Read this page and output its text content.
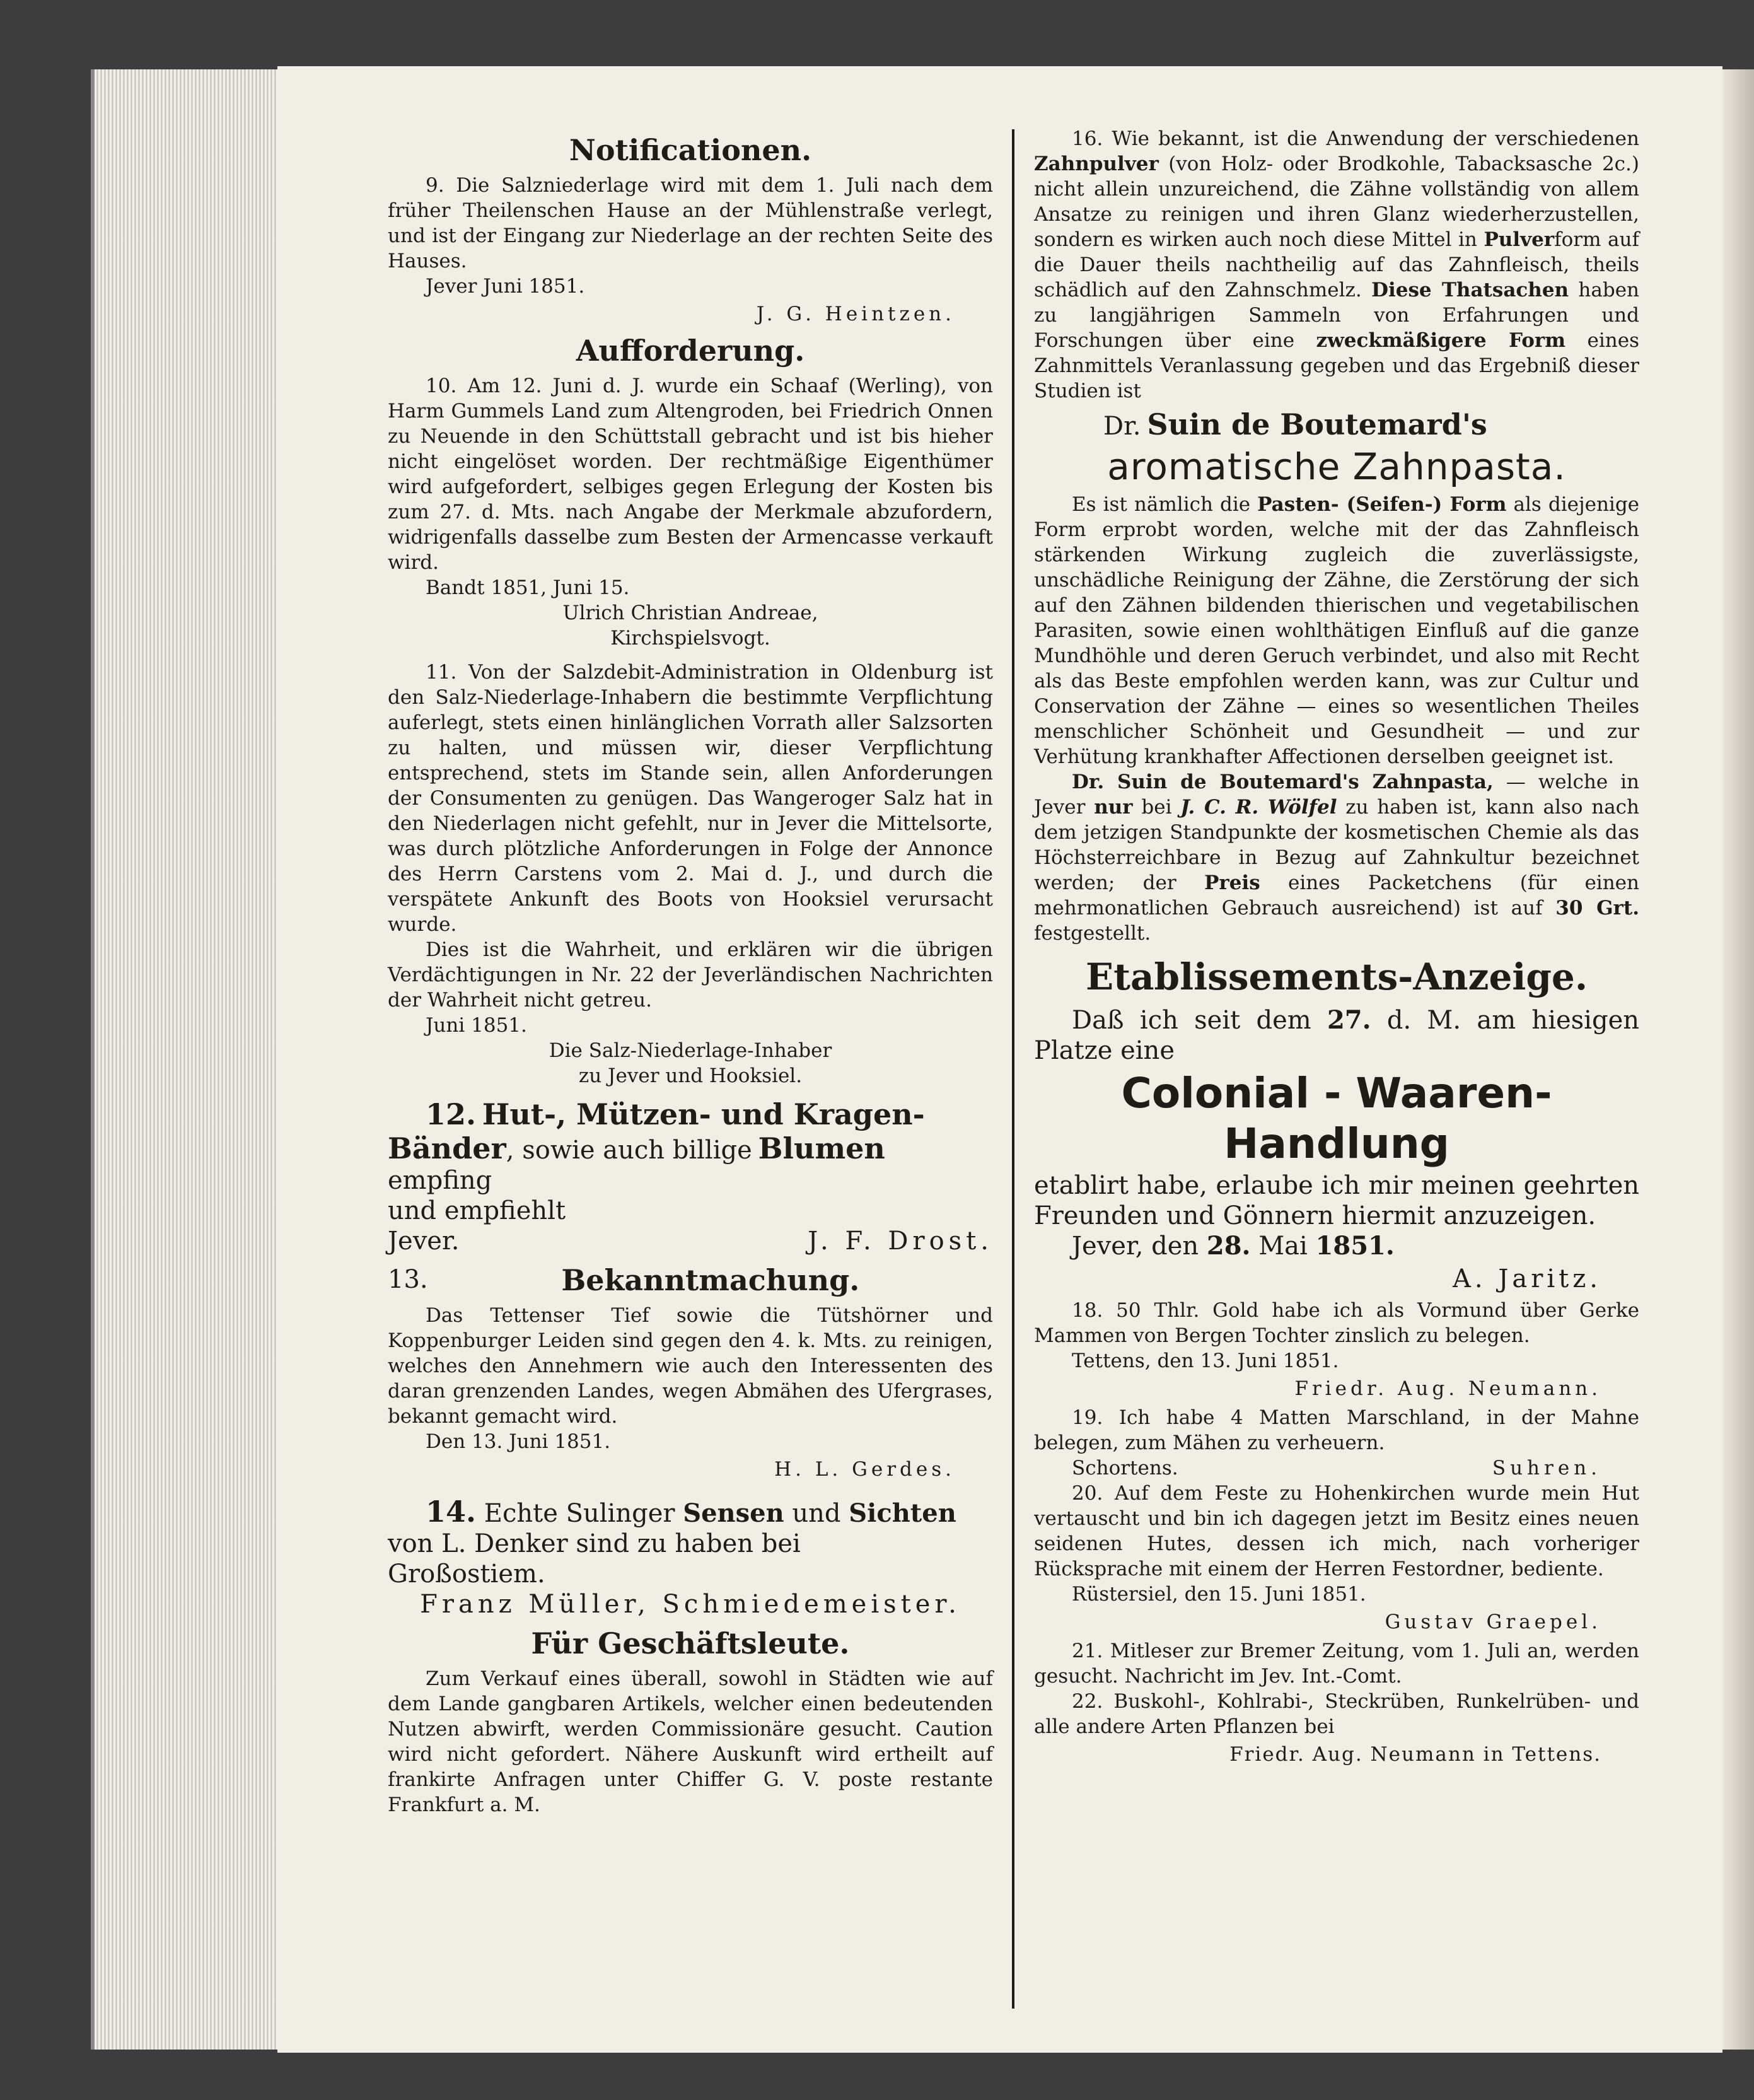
Notificationen.

9. Die Salzniederlage wird mit dem 1. Juli nach dem früher Theilenschen Hause an der Mühlenstraße verlegt, und ist der Eingang zur Niederlage an der rechten Seite des Hauses.

Jever Juni 1851.

J. G. Heintzen.

Aufforderung.

10. Am 12. Juni d. J. wurde ein Schaaf (Werling), von Harm Gummels Land zum Altengroden, bei Friedrich Onnen zu Neuende in den Schüttstall gebracht und ist bis hieher nicht eingelöset worden. Der rechtmäßige Eigenthümer wird aufgefordert, selbiges gegen Erlegung der Kosten bis zum 27. d. Mts. nach Angabe der Merkmale abzufordern, widrigenfalls dasselbe zum Besten der Armencasse verkauft wird.

Bandt 1851, Juni 15.

Ulrich Christian Andreae,

Kirchspielsvogt.

11. Von der Salzdebit-Administration in Oldenburg ist den Salz-Niederlage-Inhabern die bestimmte Verpflichtung auferlegt, stets einen hinlänglichen Vorrath aller Salzsorten zu halten, und müssen wir, dieser Verpflichtung entsprechend, stets im Stande sein, allen Anforderungen der Consumenten zu genügen. Das Wangeroger Salz hat in den Niederlagen nicht gefehlt, nur in Jever die Mittelsorte, was durch plötzliche Anforderungen in Folge der Annonce des Herrn Carstens vom 2. Mai d. J., und durch die verspätete Ankunft des Boots von Hooksiel verursacht wurde.

Dies ist die Wahrheit, und erklären wir die übrigen Verdächtigungen in Nr. 22 der Jeverländischen Nachrichten der Wahrheit nicht getreu.

Juni 1851.

Die Salz-Niederlage-Inhaber

zu Jever und Hooksiel.

12. Hut-, Mützen- und Kragen-
Bänder, sowie auch billige Blumen empfing
und empfiehlt

Jever.	J. F. Drost.
13.	Bekanntmachung.

Das Tettenser Tief sowie die Tütshörner und Koppenburger Leiden sind gegen den 4. k. Mts. zu reinigen, welches den Annehmern wie auch den Interessenten des daran grenzenden Landes, wegen Abmähen des Ufergrases, bekannt gemacht wird.

Den 13. Juni 1851.

H. L. Gerdes.

14. Echte Sulinger Sensen und Sichten
von L. Denker sind zu haben bei
Großostiem.

Franz Müller, Schmiedemeister.

Für Geschäftsleute.

Zum Verkauf eines überall, sowohl in Städten wie auf dem Lande gangbaren Artikels, welcher einen bedeutenden Nutzen abwirft, werden Commissionäre gesucht. Caution wird nicht gefordert. Nähere Auskunft wird ertheilt auf frankirte Anfragen unter Chiffer G. V. poste restante Frankfurt a. M.

16. Wie bekannt, ist die Anwendung der verschiedenen Zahnpulver (von Holz- oder Brodkohle, Tabacksasche 2c.) nicht allein unzureichend, die Zähne vollständig von allem Ansatze zu reinigen und ihren Glanz wiederherzustellen, sondern es wirken auch noch diese Mittel in Pulverform auf die Dauer theils nachtheilig auf das Zahnfleisch, theils schädlich auf den Zahnschmelz. Diese Thatsachen haben zu langjährigen Sammeln von Erfahrungen und Forschungen über eine zweckmäßigere Form eines Zahnmittels Veranlassung gegeben und das Ergebniß dieser Studien ist

Dr. Suin de Boutemard's

aromatische Zahnpasta.

Es ist nämlich die Pasten- (Seifen-) Form als diejenige Form erprobt worden, welche mit der das Zahnfleisch stärkenden Wirkung zugleich die zuverlässigste, unschädliche Reinigung der Zähne, die Zerstörung der sich auf den Zähnen bildenden thierischen und vegetabilischen Parasiten, sowie einen wohlthätigen Einfluß auf die ganze Mundhöhle und deren Geruch verbindet, und also mit Recht als das Beste empfohlen werden kann, was zur Cultur und Conservation der Zähne — eines so wesentlichen Theiles menschlicher Schönheit und Gesundheit — und zur Verhütung krankhafter Affectionen derselben geeignet ist.

Dr. Suin de Boutemard's Zahnpasta, — welche in Jever nur bei J. C. R. Wölfel zu haben ist, kann also nach dem jetzigen Standpunkte der kosmetischen Chemie als das Höchsterreichbare in Bezug auf Zahnkultur bezeichnet werden; der Preis eines Packetchens (für einen mehrmonatlichen Gebrauch ausreichend) ist auf 30 Grt. festgestellt.

Etablissements-Anzeige.

Daß ich seit dem 27. d. M. am hiesigen Platze eine

Colonial - Waaren-
Handlung

etablirt habe, erlaube ich mir meinen geehrten Freunden und Gönnern hiermit anzuzeigen.

Jever, den 28. Mai 1851.

A. Jaritz.

18. 50 Thlr. Gold habe ich als Vormund über Gerke Mammen von Bergen Tochter zinslich zu belegen.

Tettens, den 13. Juni 1851.

Friedr. Aug. Neumann.

19. Ich habe 4 Matten Marschland, in der Mahne belegen, zum Mähen zu verheuern.

Schortens.	Suhren.

20. Auf dem Feste zu Hohenkirchen wurde mein Hut vertauscht und bin ich dagegen jetzt im Besitz eines neuen seidenen Hutes, dessen ich mich, nach vorheriger Rücksprache mit einem der Herren Festordner, bediente.

Rüstersiel, den 15. Juni 1851.

Gustav Graepel.

21. Mitleser zur Bremer Zeitung, vom 1. Juli an, werden gesucht. Nachricht im Jev. Int.-Comt.

22. Buskohl-, Kohlrabi-, Steckrüben, Runkelrüben- und alle andere Arten Pflanzen bei

Friedr. Aug. Neumann in Tettens.
